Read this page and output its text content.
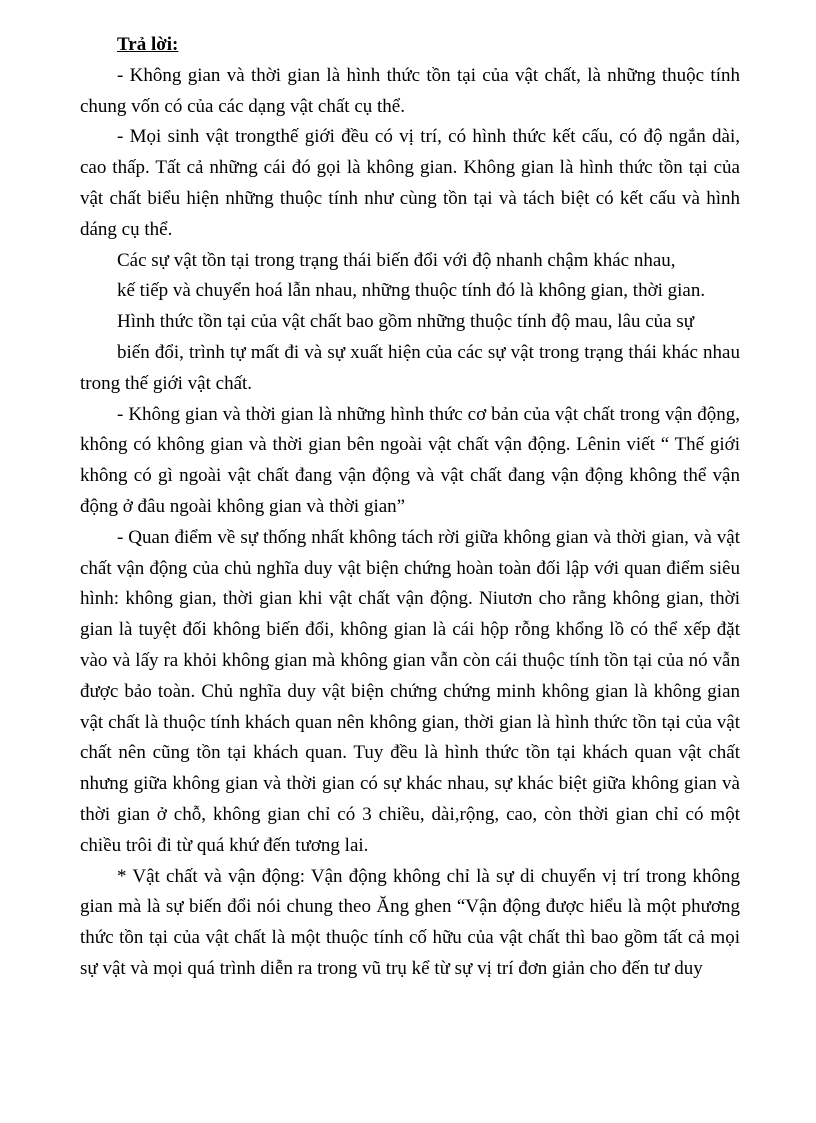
Trả lời:

- Không gian và thời gian là hình thức tồn tại của vật chất, là những thuộc tính chung vốn có của các dạng vật chất cụ thể.

- Mọi sinh vật trongthế giới đều có vị trí, có hình thức kết cấu, có độ ngắn dài, cao thấp. Tất cả những cái đó gọi là không gian. Không gian là hình thức tồn tại của vật chất biểu hiện những thuộc tính như cùng tồn tại và tách biệt có kết cấu và hình dáng cụ thể.

Các sự vật tồn tại trong trạng thái biến đổi với độ nhanh chậm khác nhau,

kế tiếp và chuyển hoá lẫn nhau, những thuộc tính đó là không gian, thời gian.

Hình thức tồn tại của vật chất bao gồm những thuộc tính độ mau, lâu của sự

biến đổi, trình tự mất đi và sự xuất hiện của các sự vật trong trạng thái khác nhau trong thế giới vật chất.

- Không gian và thời gian là những hình thức cơ bản của vật chất trong vận động, không có không gian và thời gian bên ngoài vật chất vận động. Lênin viết “ Thế giới không có gì ngoài vật chất đang vận động và vật chất đang vận động không thể vận động ở đâu ngoài không gian và thời gian”

- Quan điểm về sự thống nhất không tách rời giữa không gian và thời gian, và vật chất vận động của chủ nghĩa duy vật biện chứng hoàn toàn đối lập với quan điểm siêu hình: không gian, thời gian khi vật chất vận động. Niutơn cho rằng không gian, thời gian là tuyệt đối không biến đổi, không gian là cái hộp rỗng khổng lồ có thể xếp đặt vào và lấy ra khỏi không gian mà không gian vẫn còn cái thuộc tính tồn tại của nó vẫn được bảo toàn. Chủ nghĩa duy vật biện chứng chứng minh không gian là không gian vật chất là thuộc tính khách quan nên không gian, thời gian là hình thức tồn tại của vật chất nên cũng tồn tại khách quan. Tuy đều là hình thức tồn tại khách quan vật chất nhưng giữa không gian và thời gian có sự khác nhau, sự khác biệt giữa không gian và thời gian ở chỗ, không gian chỉ có 3 chiều, dài,rộng, cao, còn thời gian chỉ có một chiều trôi đi từ quá khứ đến tương lai.

* Vật chất và vận động: Vận động không chỉ là sự di chuyển vị trí trong không gian mà là sự biến đổi nói chung theo Ăng ghen “Vận động được hiểu là một phương thức tồn tại của vật chất là một thuộc tính cố hữu của vật chất thì bao gồm tất cả mọi sự vật và mọi quá trình diễn ra trong vũ trụ kể từ sự vị trí đơn giản cho đến tư duy
